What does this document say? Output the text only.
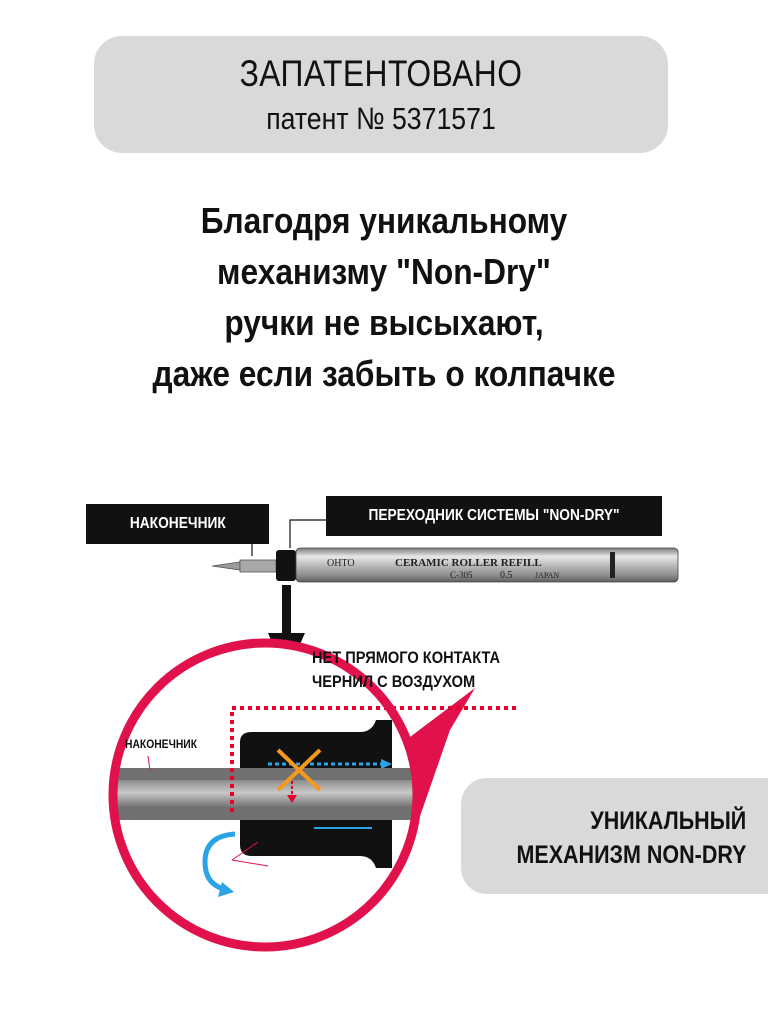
ЗАПАТЕНТОВАНО
патент № 5371571
Благодря уникальному
механизму "Non-Dry"
ручки не высыхают,
даже если забыть о колпачке
OHTO	CERAMIC ROLLER REFILL
C-305	0.5	JAPAN
НАКОНЕЧНИК	ПЕРЕХОДНИК СИСТЕМЫ "NON-DRY"
НЕТ ПРЯМОГО КОНТАКТА
ЧЕРНИЛ С ВОЗДУХОМ
НАКОНЕЧНИК
УНИКАЛЬНЫЙ
МЕХАНИЗМ NON-DRY
